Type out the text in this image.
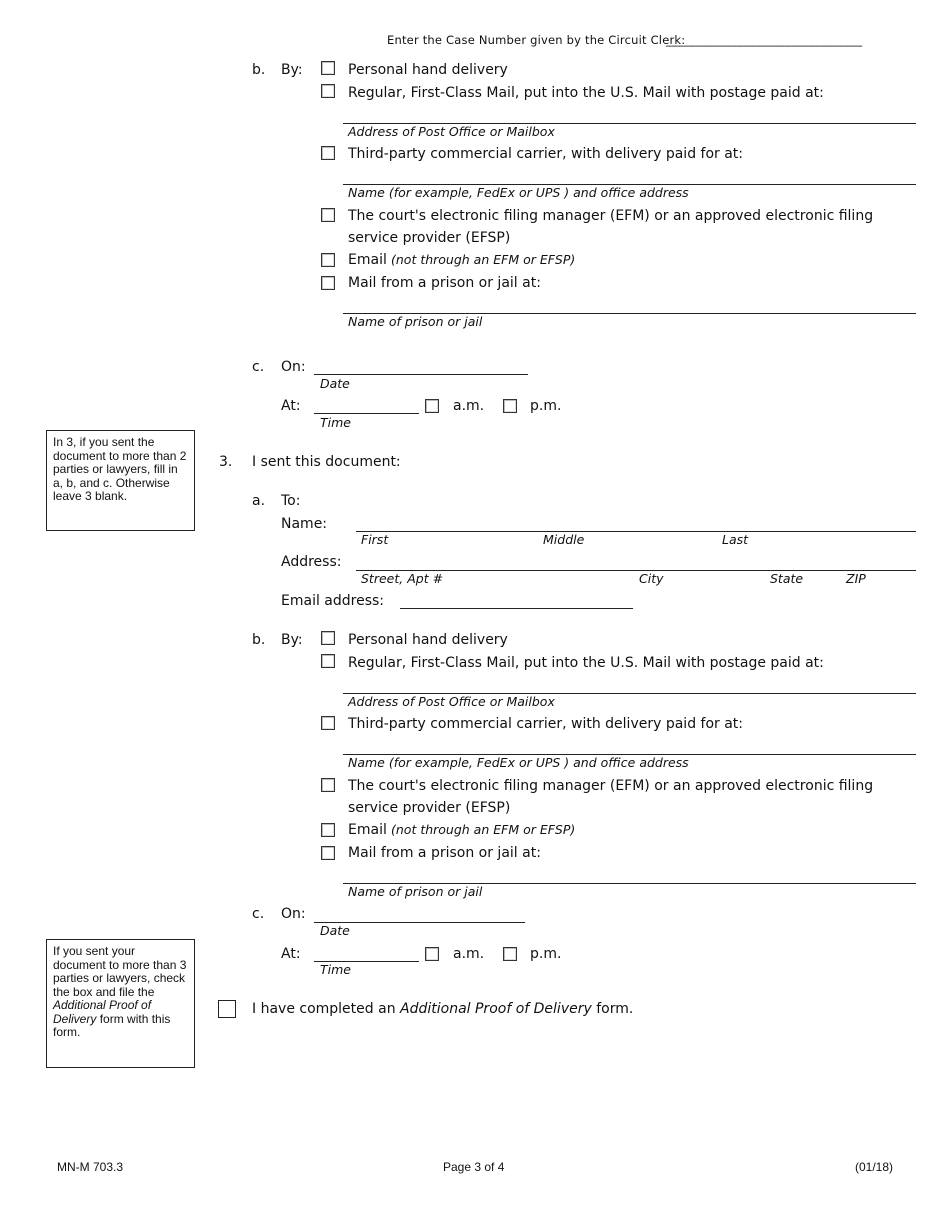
Enter the Case Number given by the Circuit Clerk:
_________________________________
b. By:	Personal hand delivery
Regular, First-Class Mail, put into the U.S. Mail with postage paid at:
Address of Post Office or Mailbox
Third-party commercial carrier, with delivery paid for at:
Name (for example, FedEx or UPS ) and office address
The court's electronic filing manager (EFM) or an approved electronic filing
service provider (EFSP)
Email (not through an EFM or EFSP)
Mail from a prison or jail at:
Name of prison or jail
c. On:
Date
At:
Time
a.m.	p.m.
In 3, if you sent the document to more than 2 parties or lawyers, fill in a, b, and c. Otherwise leave 3 blank.
3. I sent this document:
a. To:
Name:
First	Middle	Last
Address:
Street, Apt #	City	State	ZIP
Email address:
b. By:	Personal hand delivery
Regular, First-Class Mail, put into the U.S. Mail with postage paid at:
Address of Post Office or Mailbox
Third-party commercial carrier, with delivery paid for at:
Name (for example, FedEx or UPS ) and office address
The court's electronic filing manager (EFM) or an approved electronic filing
service provider (EFSP)
Email (not through an EFM or EFSP)
Mail from a prison or jail at:
Name of prison or jail
c. On:
Date
At:
Time
a.m.	p.m.
If you sent your document to more than 3 parties or lawyers, check the box and file the Additional Proof of Delivery form with this form.
I have completed an Additional Proof of Delivery form.
MN-M 703.3	Page 3 of 4	(01/18)
